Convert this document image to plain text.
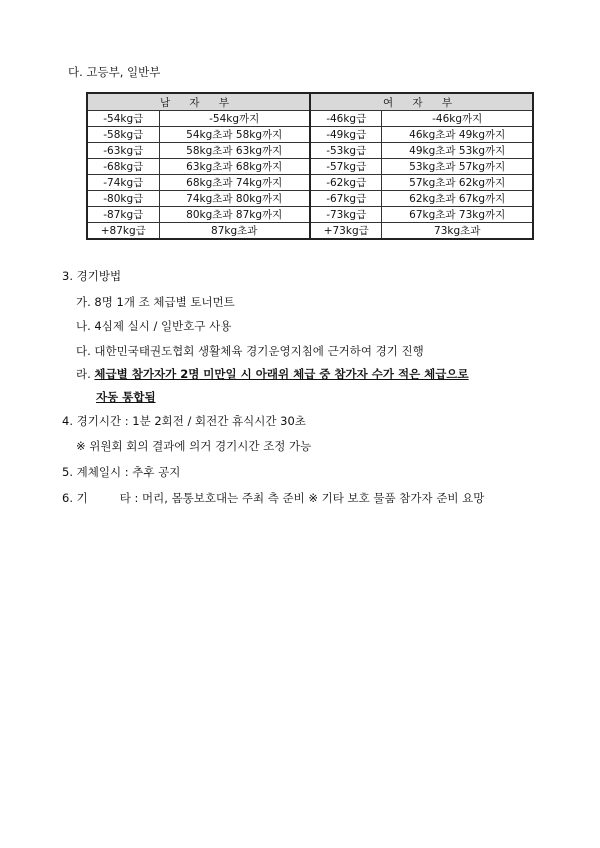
다. 고등부, 일반부
남 자 부		여 자 부	
-54kg급	-54kg까지	-46kg급	-46kg까지
-58kg급	54kg초과 58kg까지	-49kg급	46kg초과 49kg까지
-63kg급	58kg초과 63kg까지	-53kg급	49kg초과 53kg까지
-68kg급	63kg초과 68kg까지	-57kg급	53kg초과 57kg까지
-74kg급	68kg초과 74kg까지	-62kg급	57kg초과 62kg까지
-80kg급	74kg초과 80kg까지	-67kg급	62kg초과 67kg까지
-87kg급	80kg초과 87kg까지	-73kg급	67kg초과 73kg까지
+87kg급	87kg초과	+73kg급	73kg초과
3. 경기방법
가. 8명 1개 조 체급별 토너먼트
나. 4심제 실시 / 일반호구 사용
다. 대한민국태권도협회 생활체육 경기운영지침에 근거하여 경기 진행
라. 체급별 참가자가 2명 미만일 시 아래위 체급 중 참가자 수가 적은 체급으로
자동 통합됨
4. 경기시간 : 1분 2회전 / 회전간 휴식시간 30초
※ 위원회 회의 결과에 의거 경기시간 조정 가능
5. 계체일시 : 추후 공지
6. 기	타 : 머리, 몸통보호대는 주최 측 준비 ※ 기타 보호 물품 참가자 준비 요망
